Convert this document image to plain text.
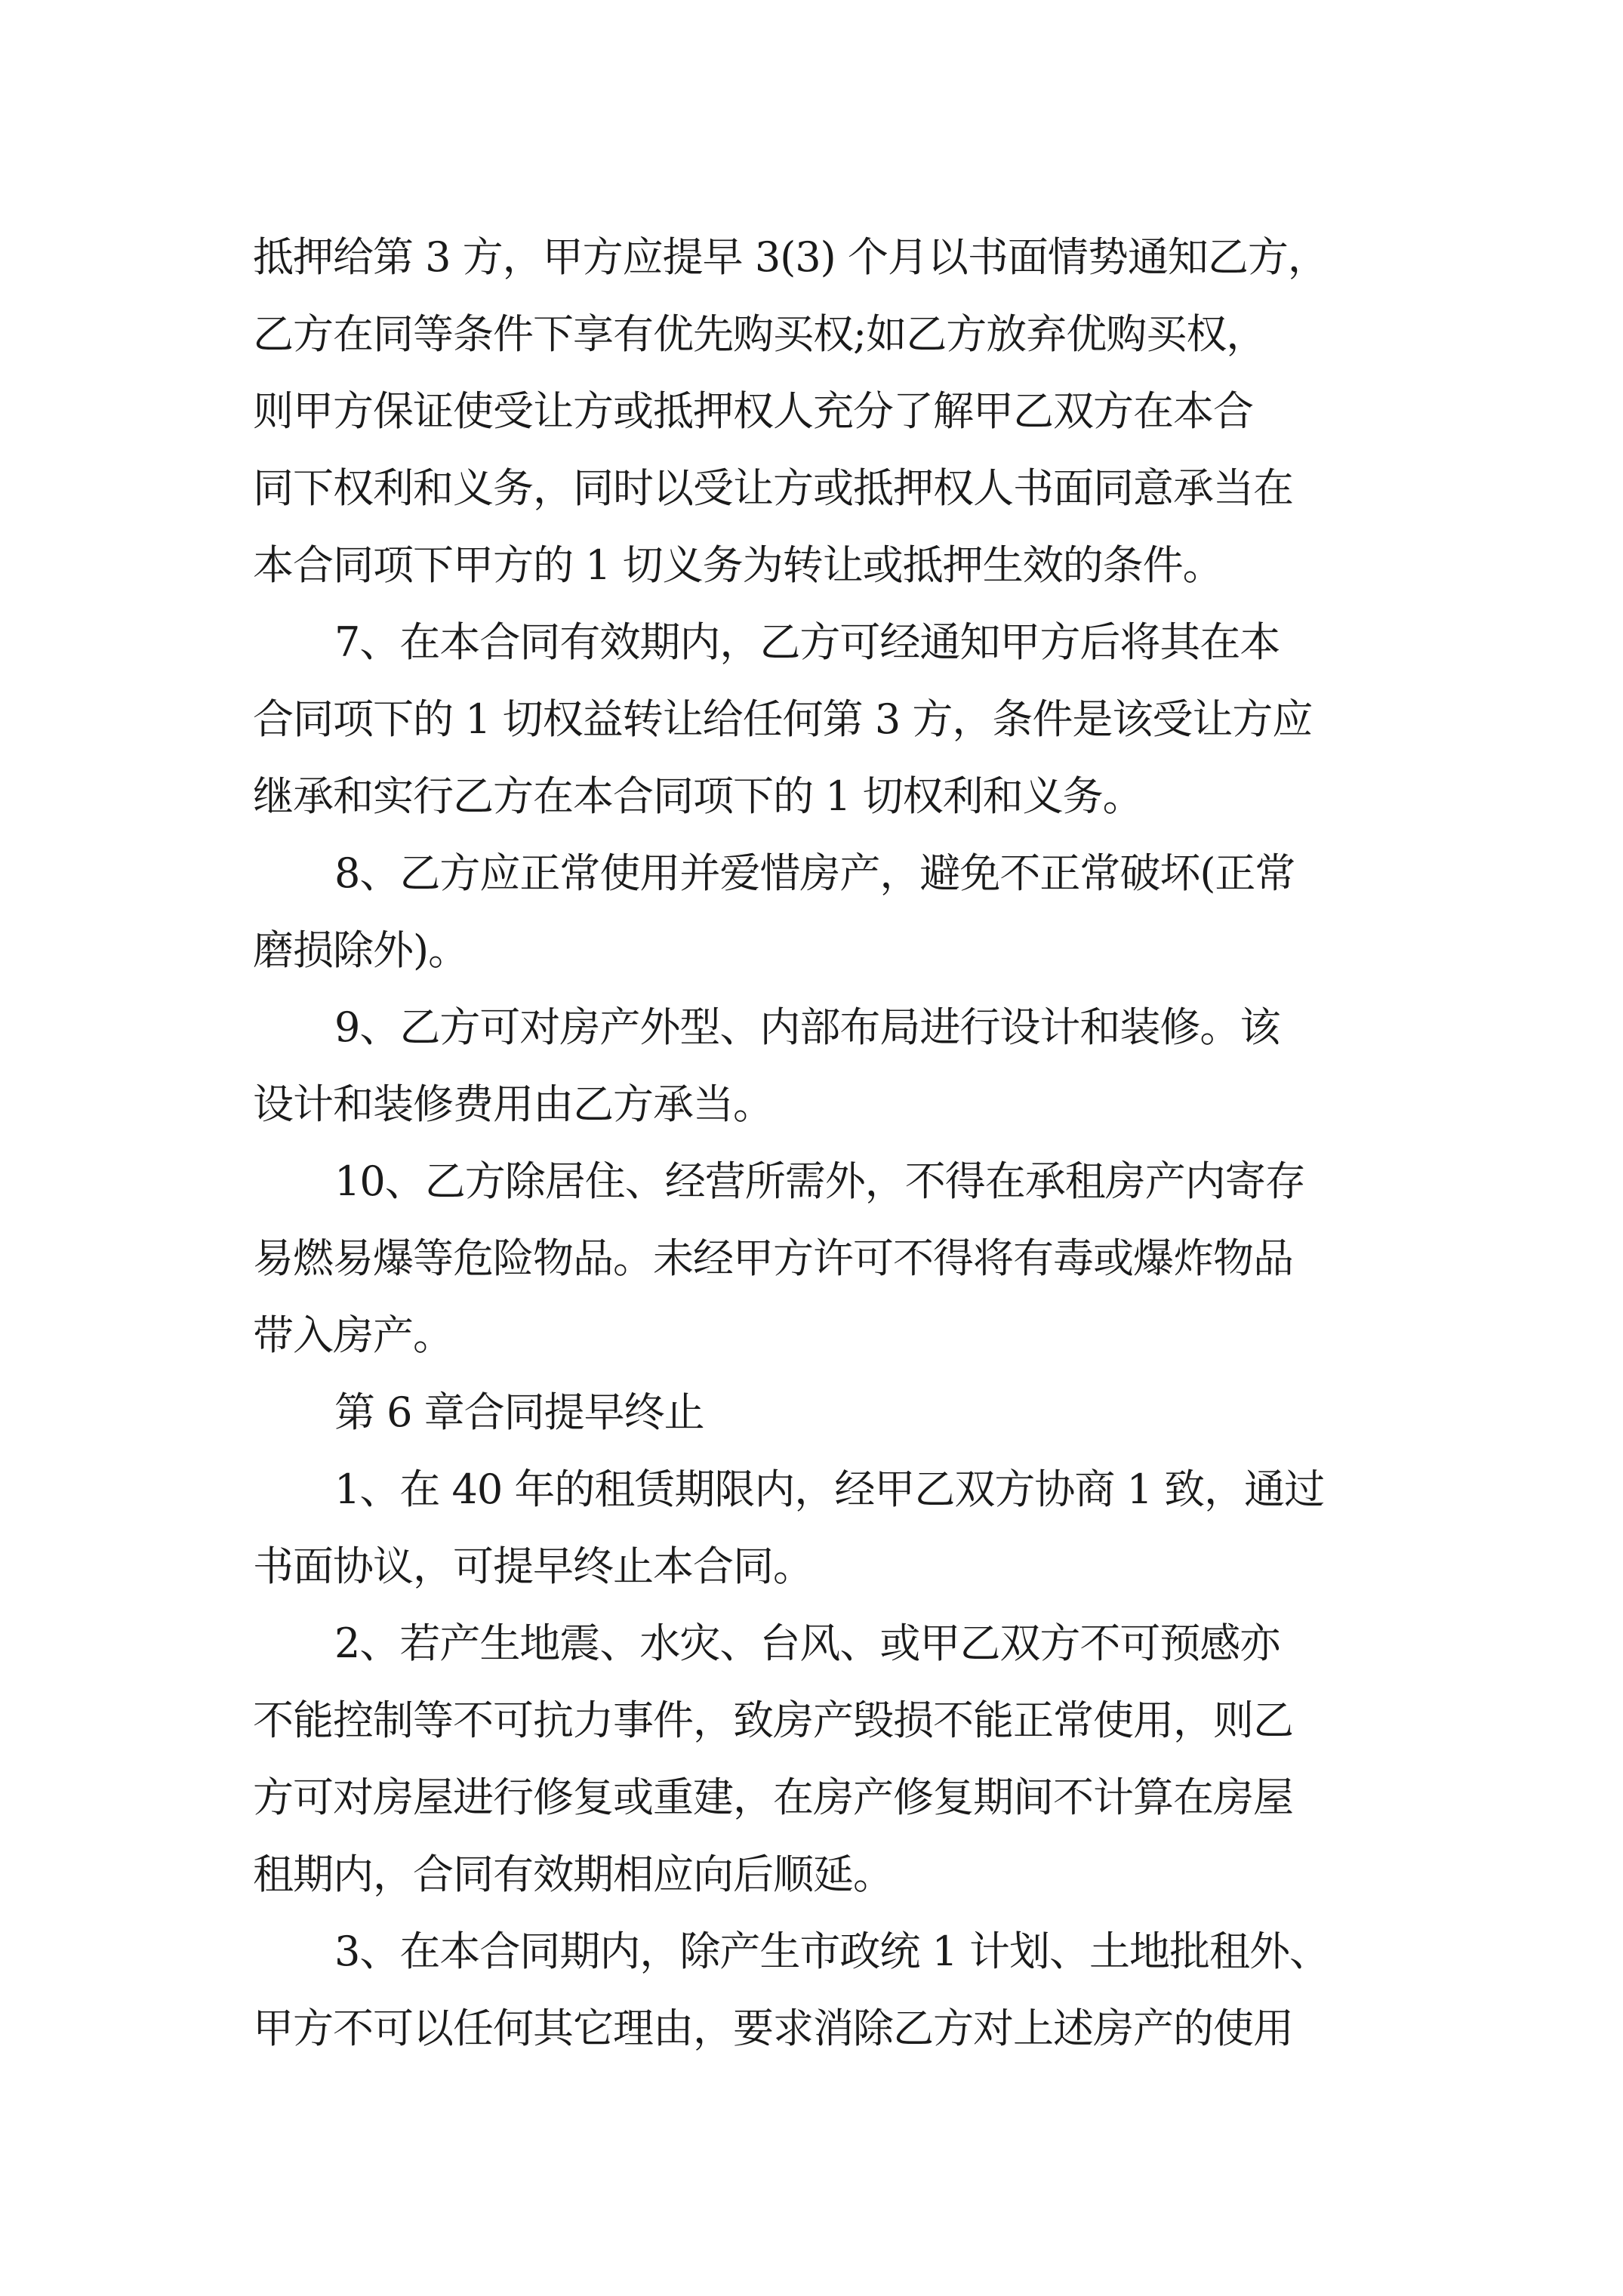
抵押给第 3 方，甲方应提早 3(3) 个月以书面情势通知乙方，
乙方在同等条件下享有优先购买权;如乙方放弃优购买权，
则甲方保证使受让方或抵押权人充分了解甲乙双方在本合
同下权利和义务，同时以受让方或抵押权人书面同意承当在
本合同项下甲方的 1 切义务为转让或抵押生效的条件。
7、在本合同有效期内，乙方可经通知甲方后将其在本
合同项下的 1 切权益转让给任何第 3 方，条件是该受让方应
继承和实行乙方在本合同项下的 1 切权利和义务。
8、乙方应正常使用并爱惜房产，避免不正常破坏(正常
磨损除外)。
9、乙方可对房产外型、内部布局进行设计和装修。该
设计和装修费用由乙方承当。
10、乙方除居住、经营所需外，不得在承租房产内寄存
易燃易爆等危险物品。未经甲方许可不得将有毒或爆炸物品
带入房产。
第 6 章合同提早终止
1、在 40 年的租赁期限内，经甲乙双方协商 1 致，通过
书面协议，可提早终止本合同。
2、若产生地震、水灾、台风、或甲乙双方不可预感亦
不能控制等不可抗力事件，致房产毁损不能正常使用，则乙
方可对房屋进行修复或重建，在房产修复期间不计算在房屋
租期内，合同有效期相应向后顺延。
3、在本合同期内，除产生市政统 1 计划、土地批租外、
甲方不可以任何其它理由，要求消除乙方对上述房产的使用
